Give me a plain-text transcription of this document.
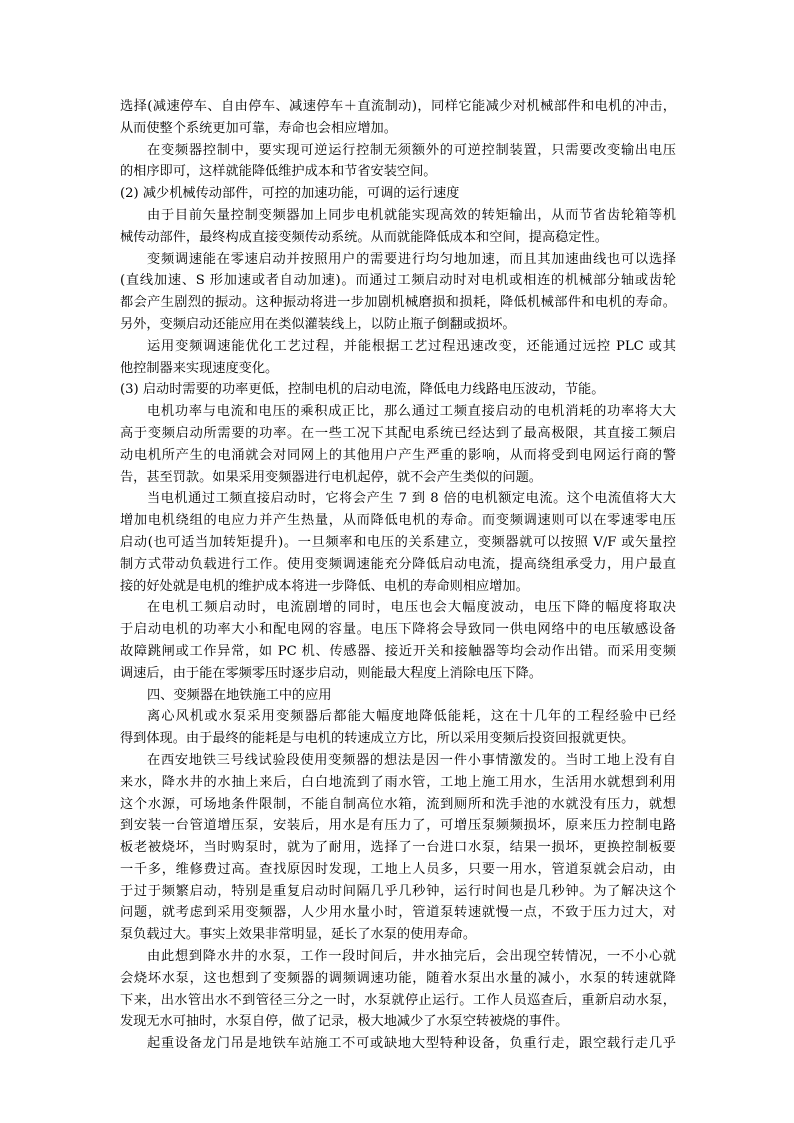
选择(减速停车、自由停车、减速停车＋直流制动)，同样它能减少对机械部件和电机的冲击，
从而使整个系统更加可靠，寿命也会相应增加。
在变频器控制中，要实现可逆运行控制无须额外的可逆控制装置，只需要改变输出电压
的相序即可，这样就能降低维护成本和节省安装空间。
(2) 减少机械传动部件，可控的加速功能，可调的运行速度
由于目前矢量控制变频器加上同步电机就能实现高效的转矩输出，从而节省齿轮箱等机
械传动部件，最终构成直接变频传动系统。从而就能降低成本和空间，提高稳定性。
变频调速能在零速启动并按照用户的需要进行均匀地加速，而且其加速曲线也可以选择
(直线加速、S 形加速或者自动加速)。而通过工频启动时对电机或相连的机械部分轴或齿轮
都会产生剧烈的振动。这种振动将进一步加剧机械磨损和损耗，降低机械部件和电机的寿命。
另外，变频启动还能应用在类似灌装线上，以防止瓶子倒翻或损坏。
运用变频调速能优化工艺过程，并能根据工艺过程迅速改变，还能通过远控 PLC 或其
他控制器来实现速度变化。
(3) 启动时需要的功率更低，控制电机的启动电流，降低电力线路电压波动，节能。
电机功率与电流和电压的乘积成正比，那么通过工频直接启动的电机消耗的功率将大大
高于变频启动所需要的功率。在一些工况下其配电系统已经达到了最高极限，其直接工频启
动电机所产生的电涌就会对同网上的其他用户产生严重的影响，从而将受到电网运行商的警
告，甚至罚款。如果采用变频器进行电机起停，就不会产生类似的问题。
当电机通过工频直接启动时，它将会产生 7 到 8 倍的电机额定电流。这个电流值将大大
增加电机绕组的电应力并产生热量，从而降低电机的寿命。而变频调速则可以在零速零电压
启动(也可适当加转矩提升)。一旦频率和电压的关系建立，变频器就可以按照 V/F 或矢量控
制方式带动负载进行工作。使用变频调速能充分降低启动电流，提高绕组承受力，用户最直
接的好处就是电机的维护成本将进一步降低、电机的寿命则相应增加。
在电机工频启动时，电流剧增的同时，电压也会大幅度波动，电压下降的幅度将取决
于启动电机的功率大小和配电网的容量。电压下降将会导致同一供电网络中的电压敏感设备
故障跳闸或工作异常，如 PC 机、传感器、接近开关和接触器等均会动作出错。而采用变频
调速后，由于能在零频零压时逐步启动，则能最大程度上消除电压下降。
四、变频器在地铁施工中的应用
离心风机或水泵采用变频器后都能大幅度地降低能耗，这在十几年的工程经验中已经
得到体现。由于最终的能耗是与电机的转速成立方比，所以采用变频后投资回报就更快。
在西安地铁三号线试验段使用变频器的想法是因一件小事情激发的。当时工地上没有自
来水，降水井的水抽上来后，白白地流到了雨水管，工地上施工用水，生活用水就想到利用
这个水源，可场地条件限制，不能自制高位水箱，流到厕所和洗手池的水就没有压力，就想
到安装一台管道增压泵，安装后，用水是有压力了，可增压泵频频损坏，原来压力控制电路
板老被烧坏，当时购泵时，就为了耐用，选择了一台进口水泵，结果一损坏，更换控制板要
一千多，维修费过高。查找原因时发现，工地上人员多，只要一用水，管道泵就会启动，由
于过于频繁启动，特别是重复启动时间隔几乎几秒钟，运行时间也是几秒钟。为了解决这个
问题，就考虑到采用变频器，人少用水量小时，管道泵转速就慢一点，不致于压力过大，对
泵负载过大。事实上效果非常明显，延长了水泵的使用寿命。
由此想到降水井的水泵，工作一段时间后，井水抽完后，会出现空转情况，一不小心就
会烧坏水泵，这也想到了变频器的调频调速功能，随着水泵出水量的减小，水泵的转速就降
下来，出水管出水不到管径三分之一时，水泵就停止运行。工作人员巡查后，重新启动水泵，
发现无水可抽时，水泵自停，做了记录，极大地减少了水泵空转被烧的事件。
起重设备龙门吊是地铁车站施工不可或缺地大型特种设备，负重行走，跟空载行走几乎
